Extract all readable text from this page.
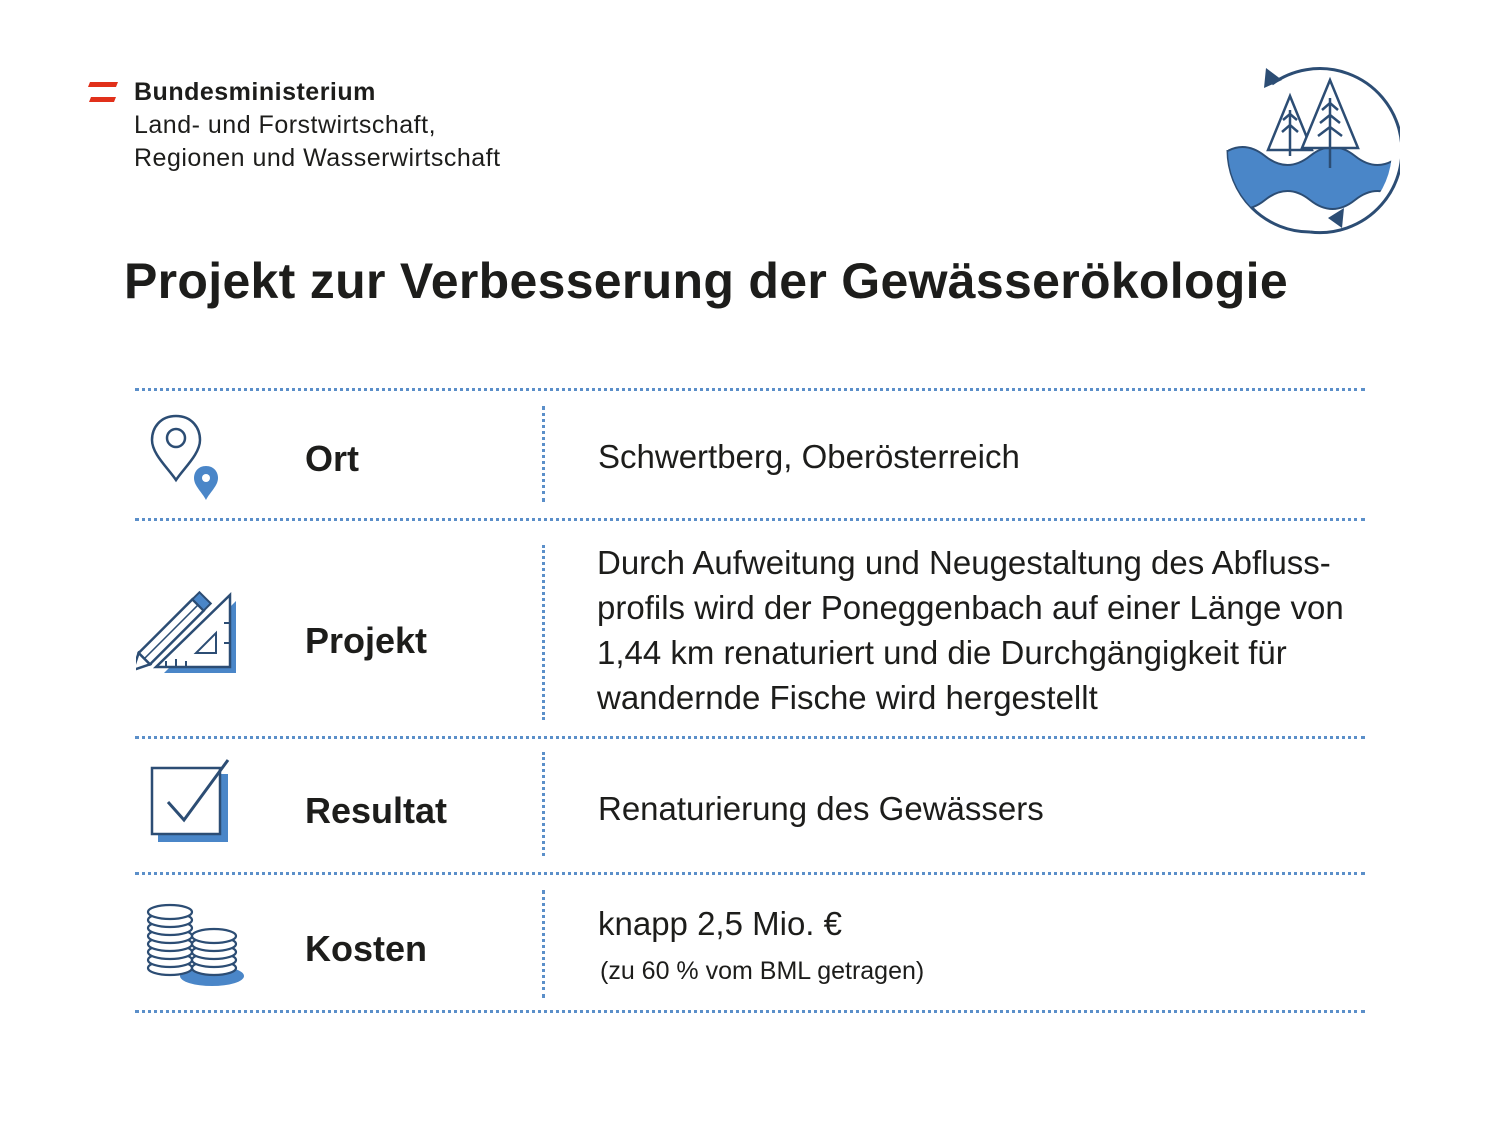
Bundesministerium
Land- und Forstwirtschaft,
Regionen und Wasserwirtschaft
Projekt zur Verbesserung der Gewässerökologie
Ort	Schwertberg, Oberösterreich
Projekt
Durch Aufweitung und Neugestaltung des Abfluss-
profils wird der Poneggenbach auf einer Länge von
1,44 km renaturiert und die Durchgängigkeit für
wandernde Fische wird hergestellt
Resultat	Renaturierung des Gewässers
Kosten
knapp 2,5 Mio. €
(zu 60 % vom BML getragen)
